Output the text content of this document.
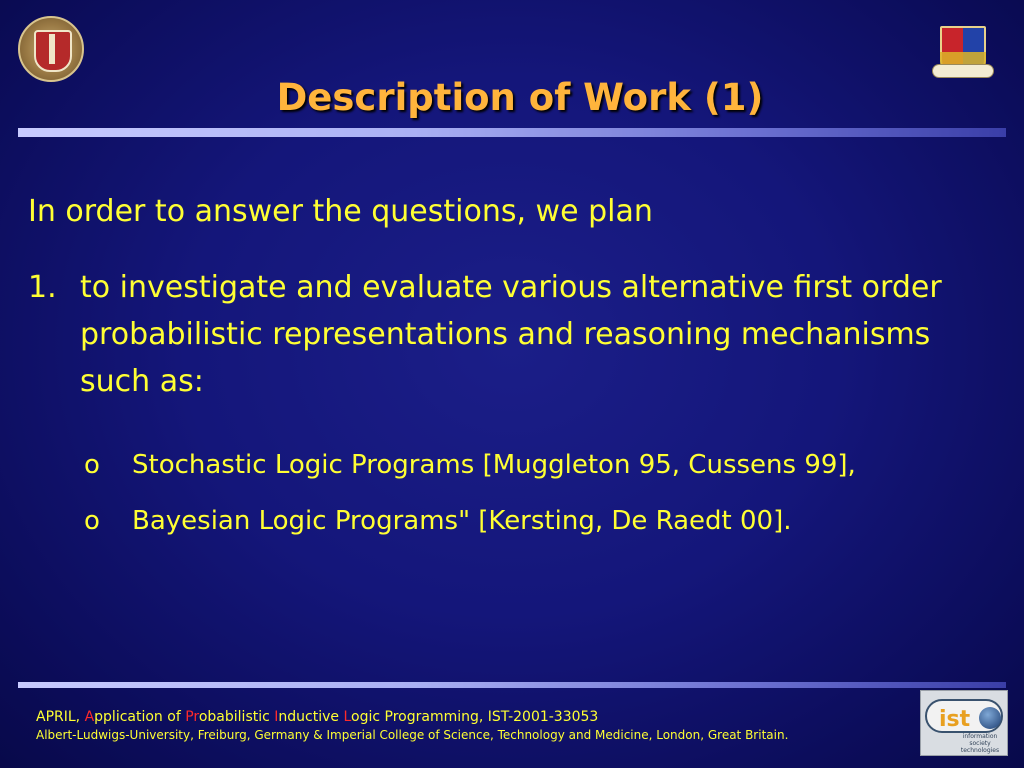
Description of Work (1)
In order to answer the questions, we plan
1. to investigate and evaluate various alternative first order probabilistic representations and reasoning mechanisms such as:
o Stochastic Logic Programs [Muggleton 95, Cussens 99],
o Bayesian Logic Programs" [Kersting, De Raedt 00].
APRIL, Application of Probabilistic Inductive Logic Programming, IST-2001-33053
Albert-Ludwigs-University, Freiburg, Germany & Imperial College of Science, Technology and Medicine, London, Great Britain.
ist
information society technologies
